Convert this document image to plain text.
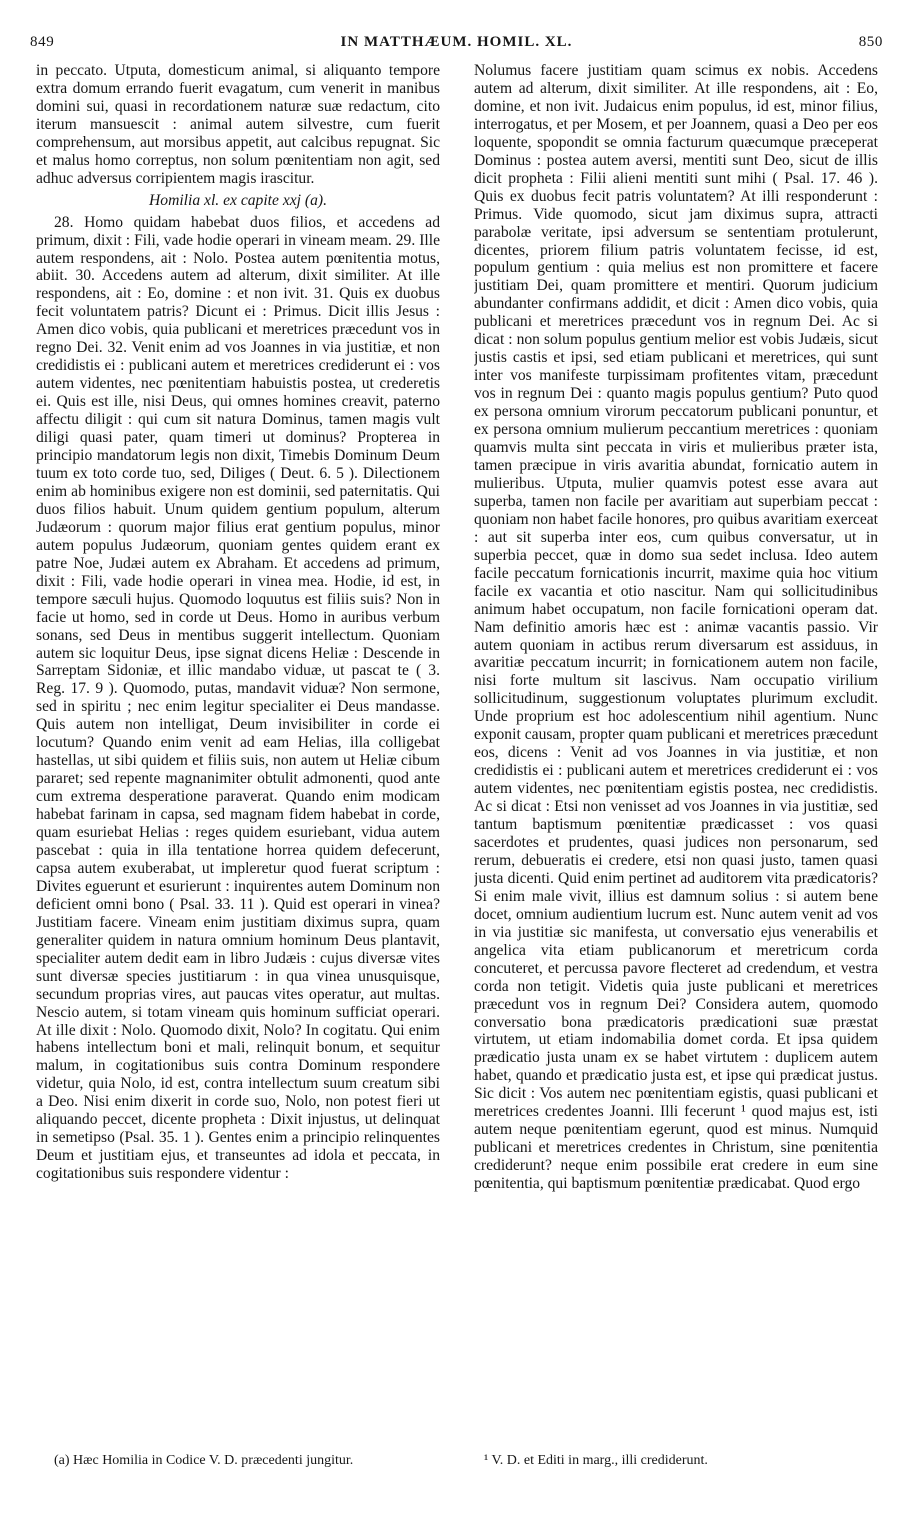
849	IN MATTHÆUM. HOMIL. XL.	850

in peccato. Utputa, domesticum animal, si aliquanto tempore extra domum errando fuerit evagatum, cum venerit in manibus domini sui, quasi in recordationem naturæ suæ redactum, cito iterum mansuescit : animal autem silvestre, cum fuerit comprehensum, aut morsibus appetit, aut calcibus repugnat. Sic et malus homo correptus, non solum pœnitentiam non agit, sed adhuc adversus corripientem magis irascitur.

Homilia xl. ex capite xxj (a).

28. Homo quidam habebat duos filios, et accedens ad primum, dixit : Fili, vade hodie operari in vineam meam. 29. Ille autem respondens, ait : Nolo. Postea autem pœnitentia motus, abiit. 30. Accedens autem ad alterum, dixit similiter. At ille respondens, ait : Eo, domine : et non ivit. 31. Quis ex duobus fecit voluntatem patris? Dicunt ei : Primus. Dicit illis Jesus : Amen dico vobis, quia publicani et meretrices præcedunt vos in regno Dei. 32. Venit enim ad vos Joannes in via justitiæ, et non credidistis ei : publicani autem et meretrices crediderunt ei : vos autem videntes, nec pœnitentiam habuistis postea, ut crederetis ei. Quis est ille, nisi Deus, qui omnes homines creavit, paterno affectu diligit : qui cum sit natura Dominus, tamen magis vult diligi quasi pater, quam timeri ut dominus? Propterea in principio mandatorum legis non dixit, Timebis Dominum Deum tuum ex toto corde tuo, sed, Diliges ( Deut. 6. 5 ). Dilectionem enim ab hominibus exigere non est dominii, sed paternitatis. Qui duos filios habuit. Unum quidem gentium populum, alterum Judæorum : quorum major filius erat gentium populus, minor autem populus Judæorum, quoniam gentes quidem erant ex patre Noe, Judæi autem ex Abraham. Et accedens ad primum, dixit : Fili, vade hodie operari in vinea mea. Hodie, id est, in tempore sæculi hujus. Quomodo loquutus est filiis suis? Non in facie ut homo, sed in corde ut Deus. Homo in auribus verbum sonans, sed Deus in mentibus suggerit intellectum. Quoniam autem sic loquitur Deus, ipse signat dicens Heliæ : Descende in Sarreptam Sidoniæ, et illic mandabo viduæ, ut pascat te ( 3. Reg. 17. 9 ). Quomodo, putas, mandavit viduæ? Non sermone, sed in spiritu ; nec enim legitur specialiter ei Deus mandasse. Quis autem non intelligat, Deum invisibiliter in corde ei locutum? Quando enim venit ad eam Helias, illa colligebat hastellas, ut sibi quidem et filiis suis, non autem ut Heliæ cibum pararet; sed repente magnanimiter obtulit admonenti, quod ante cum extrema desperatione paraverat. Quando enim modicam habebat farinam in capsa, sed magnam fidem habebat in corde, quam esuriebat Helias : reges quidem esuriebant, vidua autem pascebat : quia in illa tentatione horrea quidem defecerunt, capsa autem exuberabat, ut impleretur quod fuerat scriptum : Divites eguerunt et esurierunt : inquirentes autem Dominum non deficient omni bono ( Psal. 33. 11 ). Quid est operari in vinea? Justitiam facere. Vineam enim justitiam diximus supra, quam generaliter quidem in natura omnium hominum Deus plantavit, specialiter autem dedit eam in libro Judæis : cujus diversæ vites sunt diversæ species justitiarum : in qua vinea unusquisque, secundum proprias vires, aut paucas vites operatur, aut multas. Nescio autem, si totam vineam quis hominum sufficiat operari. At ille dixit : Nolo. Quomodo dixit, Nolo? In cogitatu. Qui enim habens intellectum boni et mali, relinquit bonum, et sequitur malum, in cogitationibus suis contra Dominum respondere videtur, quia Nolo, id est, contra intellectum suum creatum sibi a Deo. Nisi enim dixerit in corde suo, Nolo, non potest fieri ut aliquando peccet, dicente propheta : Dixit injustus, ut delinquat in semetipso (Psal. 35. 1 ). Gentes enim a principio relinquentes Deum et justitiam ejus, et transeuntes ad idola et peccata, in cogitationibus suis respondere videntur :

Nolumus facere justitiam quam scimus ex nobis. Accedens autem ad alterum, dixit similiter. At ille respondens, ait : Eo, domine, et non ivit. Judaicus enim populus, id est, minor filius, interrogatus, et per Mosem, et per Joannem, quasi a Deo per eos loquente, spopondit se omnia facturum quæcumque præceperat Dominus : postea autem aversi, mentiti sunt Deo, sicut de illis dicit propheta : Filii alieni mentiti sunt mihi ( Psal. 17. 46 ). Quis ex duobus fecit patris voluntatem? At illi responderunt : Primus. Vide quomodo, sicut jam diximus supra, attracti parabolæ veritate, ipsi adversum se sententiam protulerunt, dicentes, priorem filium patris voluntatem fecisse, id est, populum gentium : quia melius est non promittere et facere justitiam Dei, quam promittere et mentiri. Quorum judicium abundanter confirmans addidit, et dicit : Amen dico vobis, quia publicani et meretrices præcedunt vos in regnum Dei. Ac si dicat : non solum populus gentium melior est vobis Judæis, sicut justis castis et ipsi, sed etiam publicani et meretrices, qui sunt inter vos manifeste turpissimam profitentes vitam, præcedunt vos in regnum Dei : quanto magis populus gentium? Puto quod ex persona omnium virorum peccatorum publicani ponuntur, et ex persona omnium mulierum peccantium meretrices : quoniam quamvis multa sint peccata in viris et mulieribus præter ista, tamen præcipue in viris avaritia abundat, fornicatio autem in mulieribus. Utputa, mulier quamvis potest esse avara aut superba, tamen non facile per avaritiam aut superbiam peccat : quoniam non habet facile honores, pro quibus avaritiam exerceat : aut sit superba inter eos, cum quibus conversatur, ut in superbia peccet, quæ in domo sua sedet inclusa. Ideo autem facile peccatum fornicationis incurrit, maxime quia hoc vitium facile ex vacantia et otio nascitur. Nam qui sollicitudinibus animum habet occupatum, non facile fornicationi operam dat. Nam definitio amoris hæc est : animæ vacantis passio. Vir autem quoniam in actibus rerum diversarum est assiduus, in avaritiæ peccatum incurrit; in fornicationem autem non facile, nisi forte multum sit lascivus. Nam occupatio virilium sollicitudinum, suggestionum voluptates plurimum excludit. Unde proprium est hoc adolescentium nihil agentium. Nunc exponit causam, propter quam publicani et meretrices præcedunt eos, dicens : Venit ad vos Joannes in via justitiæ, et non credidistis ei : publicani autem et meretrices crediderunt ei : vos autem videntes, nec pœnitentiam egistis postea, nec credidistis. Ac si dicat : Etsi non venisset ad vos Joannes in via justitiæ, sed tantum baptismum pœnitentiæ prædicasset : vos quasi sacerdotes et prudentes, quasi judices non personarum, sed rerum, debueratis ei credere, etsi non quasi justo, tamen quasi justa dicenti. Quid enim pertinet ad auditorem vita prædicatoris? Si enim male vivit, illius est damnum solius : si autem bene docet, omnium audientium lucrum est. Nunc autem venit ad vos in via justitiæ sic manifesta, ut conversatio ejus venerabilis et angelica vita etiam publicanorum et meretricum corda concuteret, et percussa pavore flecteret ad credendum, et vestra corda non tetigit. Videtis quia juste publicani et meretrices præcedunt vos in regnum Dei? Considera autem, quomodo conversatio bona prædicatoris prædicationi suæ præstat virtutem, ut etiam indomabilia domet corda. Et ipsa quidem prædicatio justa unam ex se habet virtutem : duplicem autem habet, quando et prædicatio justa est, et ipse qui prædicat justus. Sic dicit : Vos autem nec pœnitentiam egistis, quasi publicani et meretrices credentes Joanni. Illi fecerunt ¹ quod majus est, isti autem neque pœnitentiam egerunt, quod est minus. Numquid publicani et meretrices credentes in Christum, sine pœnitentia crediderunt? neque enim possibile erat credere in eum sine pœnitentia, qui baptismum pœnitentiæ prædicabat. Quod ergo

(a) Hæc Homilia in Codice V. D. præcedenti jungitur.	¹ V. D. et Editi in marg., illi crediderunt.
